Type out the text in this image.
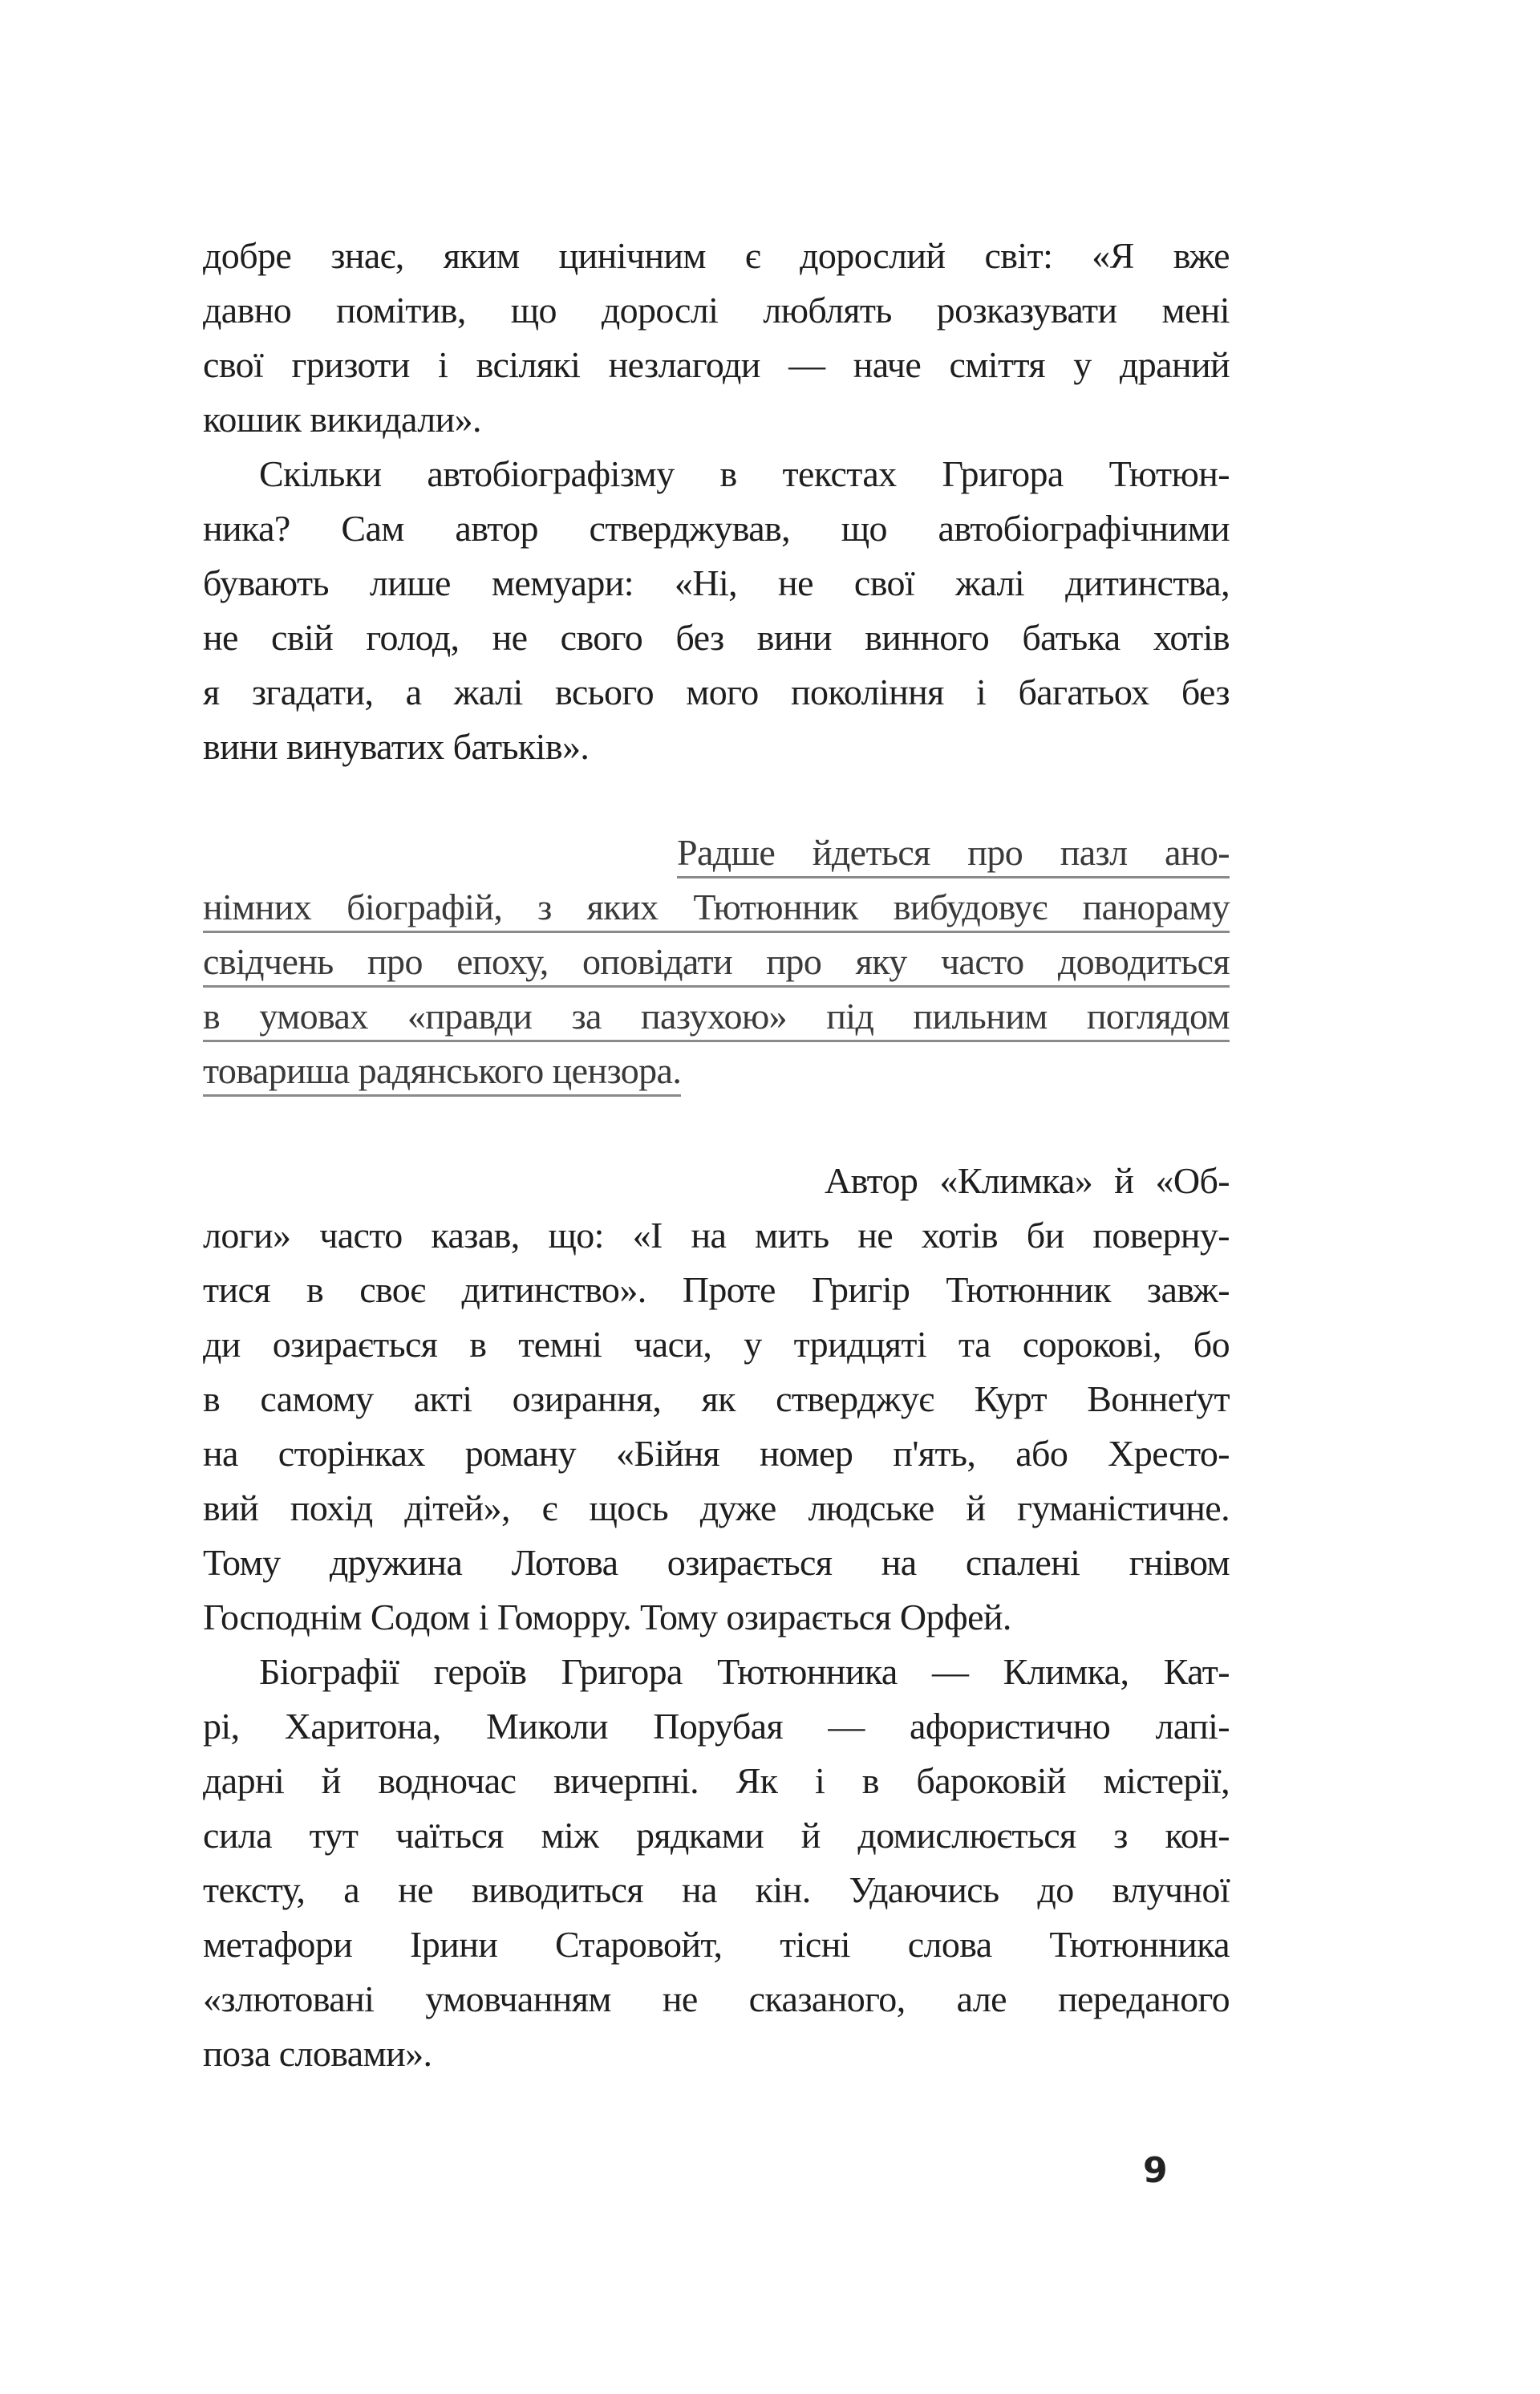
добре знає, яким цинічним є дорослий світ: «Я вже
давно помітив, що дорослі люблять розказувати мені
свої гризоти і всілякі незлагоди — наче сміття у драний
кошик викидали».
Скільки автобіографізму в текстах Григора Тютюн-
ника? Сам автор стверджував, що автобіографічними
бувають лише мемуари: «Ні, не свої жалі дитинства,
не свій голод, не свого без вини винного батька хотів
я згадати, а жалі всього мого покоління і багатьох без
вини винуватих батьків».
Радше йдеться про пазл ано-
німних біографій, з яких Тютюнник вибудовує панораму
свідчень про епоху, оповідати про яку часто доводиться
в умовах «правди за пазухою» під пильним поглядом
товариша радянського цензора.
Автор «Климка» й «Об-
логи» часто казав, що: «І на мить не хотів би поверну-
тися в своє дитинство». Проте Григір Тютюнник завж-
ди озирається в темні часи, у тридцяті та сорокові, бо
в самому акті озирання, як стверджує Курт Воннеґут
на сторінках роману «Бійня номер п'ять, або Хресто-
вий похід дітей», є щось дуже людське й гуманістичне.
Тому дружина Лотова озирається на спалені гнівом
Господнім Содом і Гоморру. Тому озирається Орфей.
Біографії героїв Григора Тютюнника — Климка, Кат-
рі, Харитона, Миколи Порубая — афористично лапі-
дарні й водночас вичерпні. Як і в бароковій містерії,
сила тут чаїться між рядками й домислюється з кон-
тексту, а не виводиться на кін. Удаючись до влучної
метафори Ірини Старовойт, тісні слова Тютюнника
«злютовані умовчанням не сказаного, але переданого
поза словами».
9
